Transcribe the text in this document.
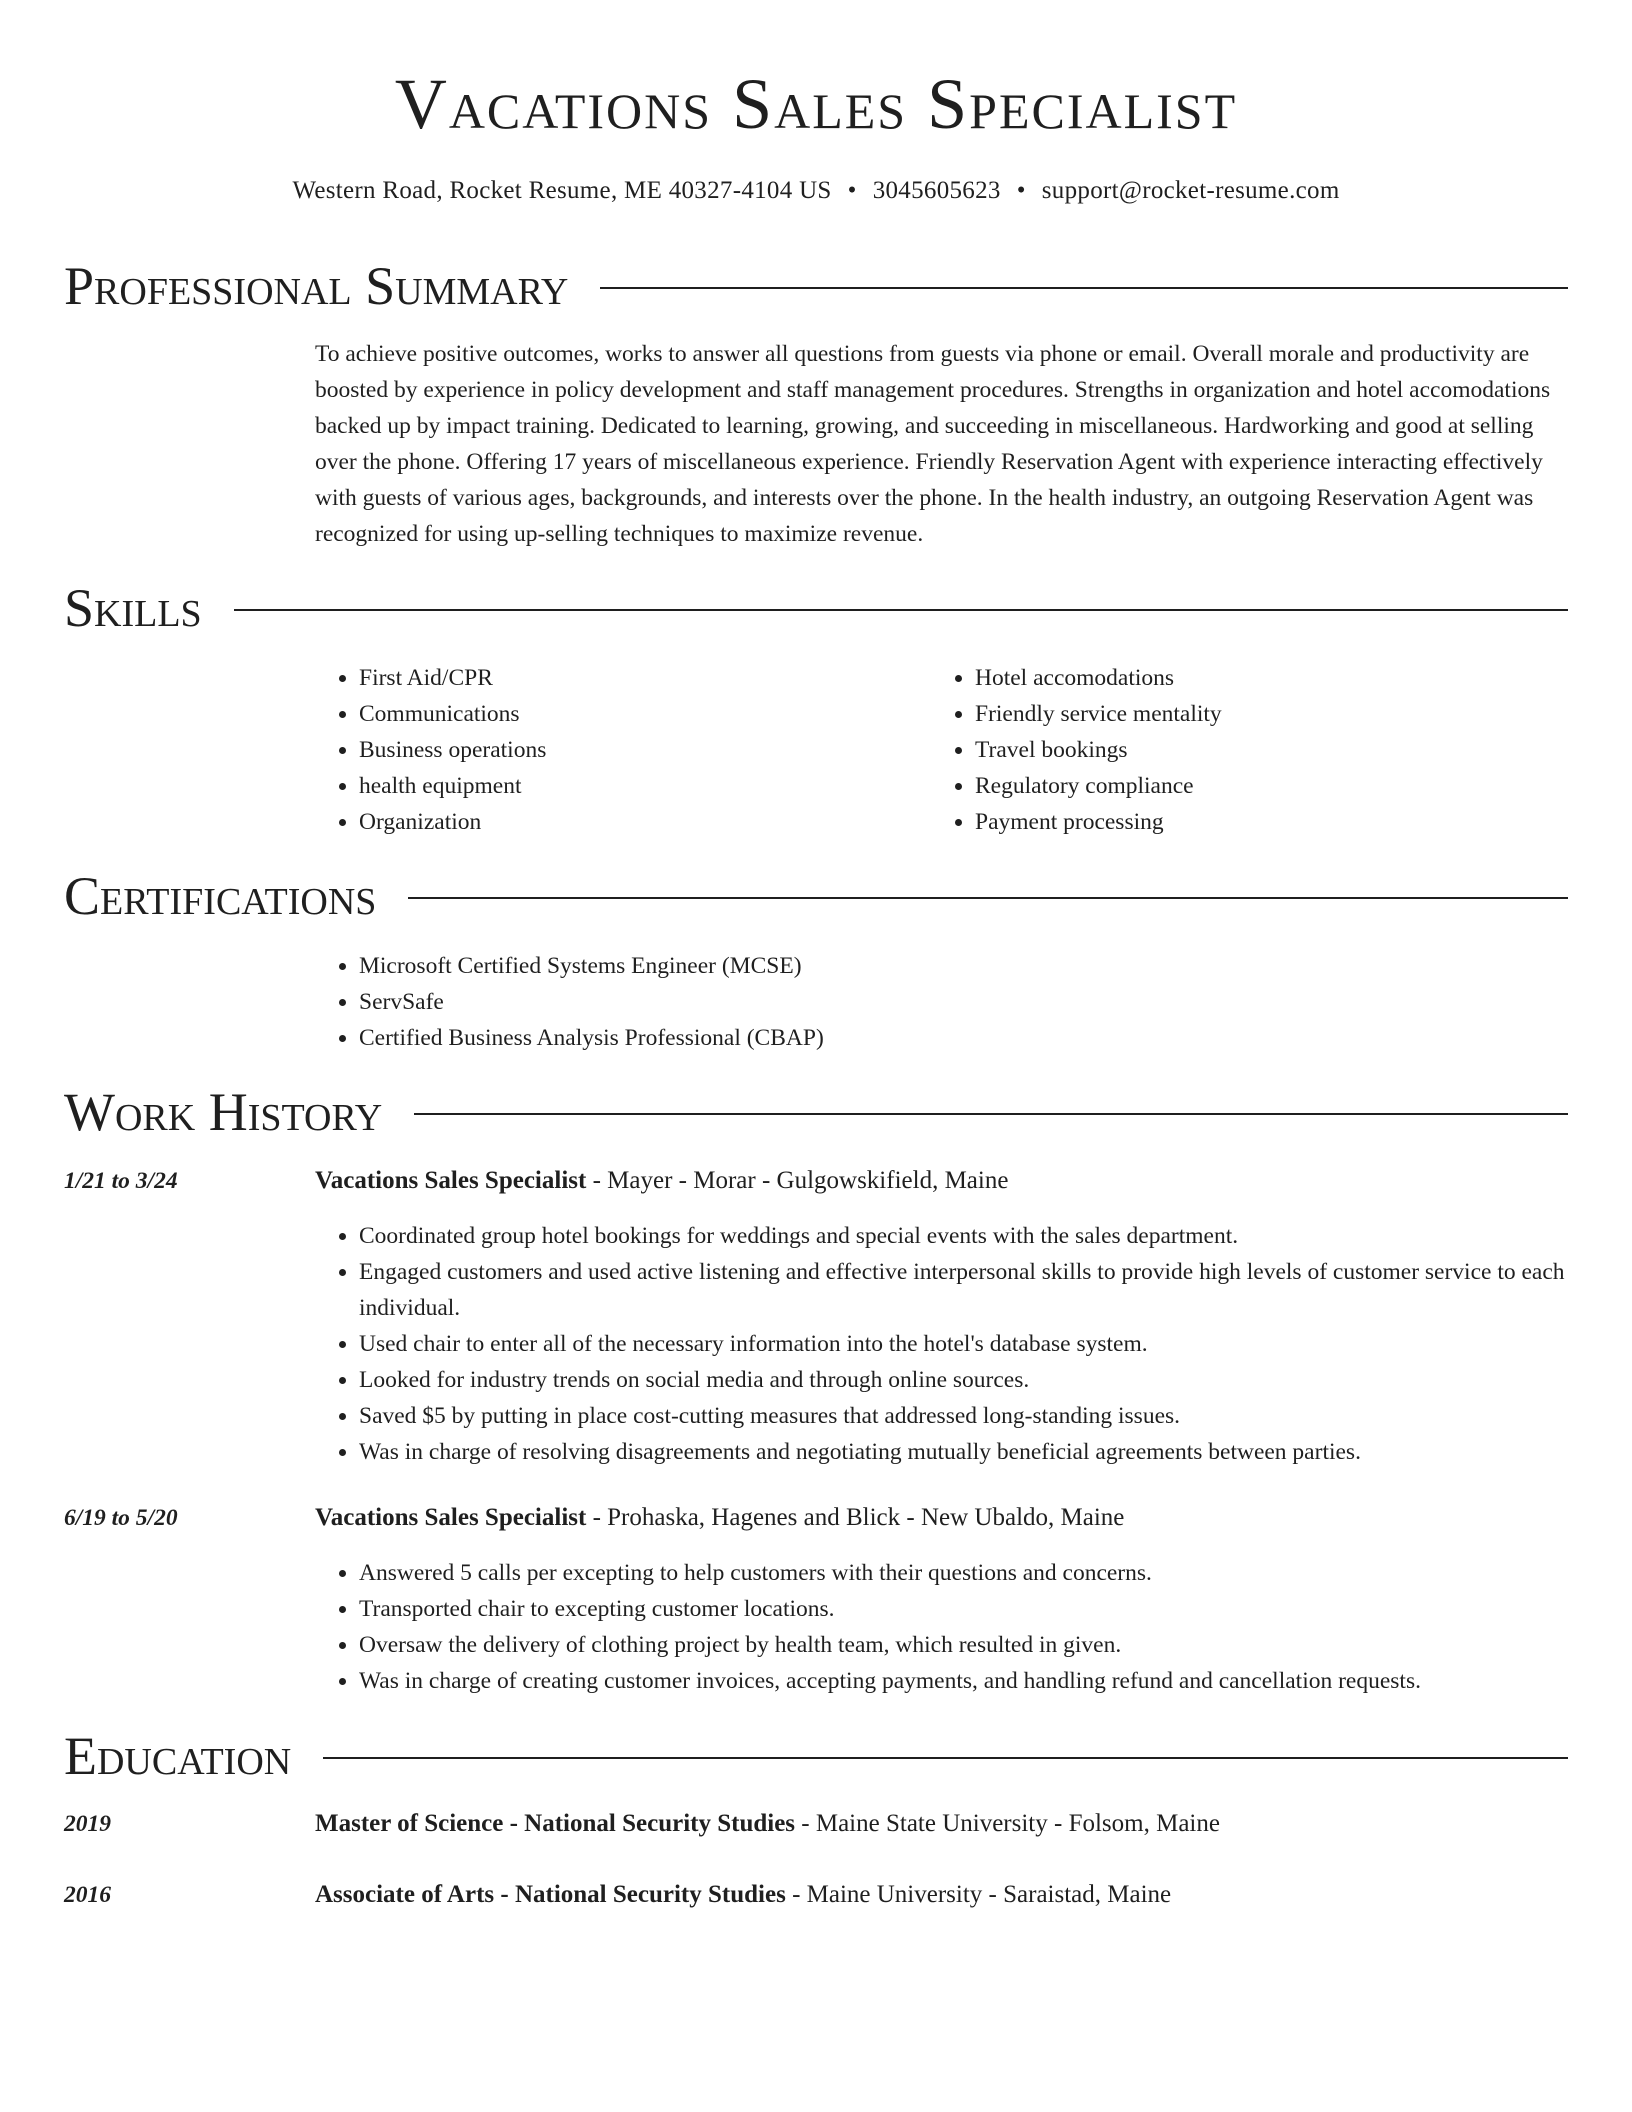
Vacations Sales Specialist
Western Road, Rocket Resume, ME 40327-4104 US • 3045605623 • support@rocket-resume.com
Professional Summary
To achieve positive outcomes, works to answer all questions from guests via phone or email. Overall morale and productivity are boosted by experience in policy development and staff management procedures. Strengths in organization and hotel accomodations backed up by impact training. Dedicated to learning, growing, and succeeding in miscellaneous. Hardworking and good at selling over the phone. Offering 17 years of miscellaneous experience. Friendly Reservation Agent with experience interacting effectively with guests of various ages, backgrounds, and interests over the phone. In the health industry, an outgoing Reservation Agent was recognized for using up-selling techniques to maximize revenue.
Skills
• First Aid/CPR
• Communications
• Business operations
• health equipment
• Organization
• Hotel accomodations
• Friendly service mentality
• Travel bookings
• Regulatory compliance
• Payment processing
Certifications
• Microsoft Certified Systems Engineer (MCSE)
• ServSafe
• Certified Business Analysis Professional (CBAP)
Work History
1/21 to 3/24	Vacations Sales Specialist - Mayer - Morar - Gulgowskifield, Maine
• Coordinated group hotel bookings for weddings and special events with the sales department.
• Engaged customers and used active listening and effective interpersonal skills to provide high levels of customer service to each individual.
• Used chair to enter all of the necessary information into the hotel's database system.
• Looked for industry trends on social media and through online sources.
• Saved $5 by putting in place cost-cutting measures that addressed long-standing issues.
• Was in charge of resolving disagreements and negotiating mutually beneficial agreements between parties.
6/19 to 5/20	Vacations Sales Specialist - Prohaska, Hagenes and Blick - New Ubaldo, Maine
• Answered 5 calls per excepting to help customers with their questions and concerns.
• Transported chair to excepting customer locations.
• Oversaw the delivery of clothing project by health team, which resulted in given.
• Was in charge of creating customer invoices, accepting payments, and handling refund and cancellation requests.
Education
2019	Master of Science - National Security Studies - Maine State University - Folsom, Maine
2016	Associate of Arts - National Security Studies - Maine University - Saraistad, Maine
